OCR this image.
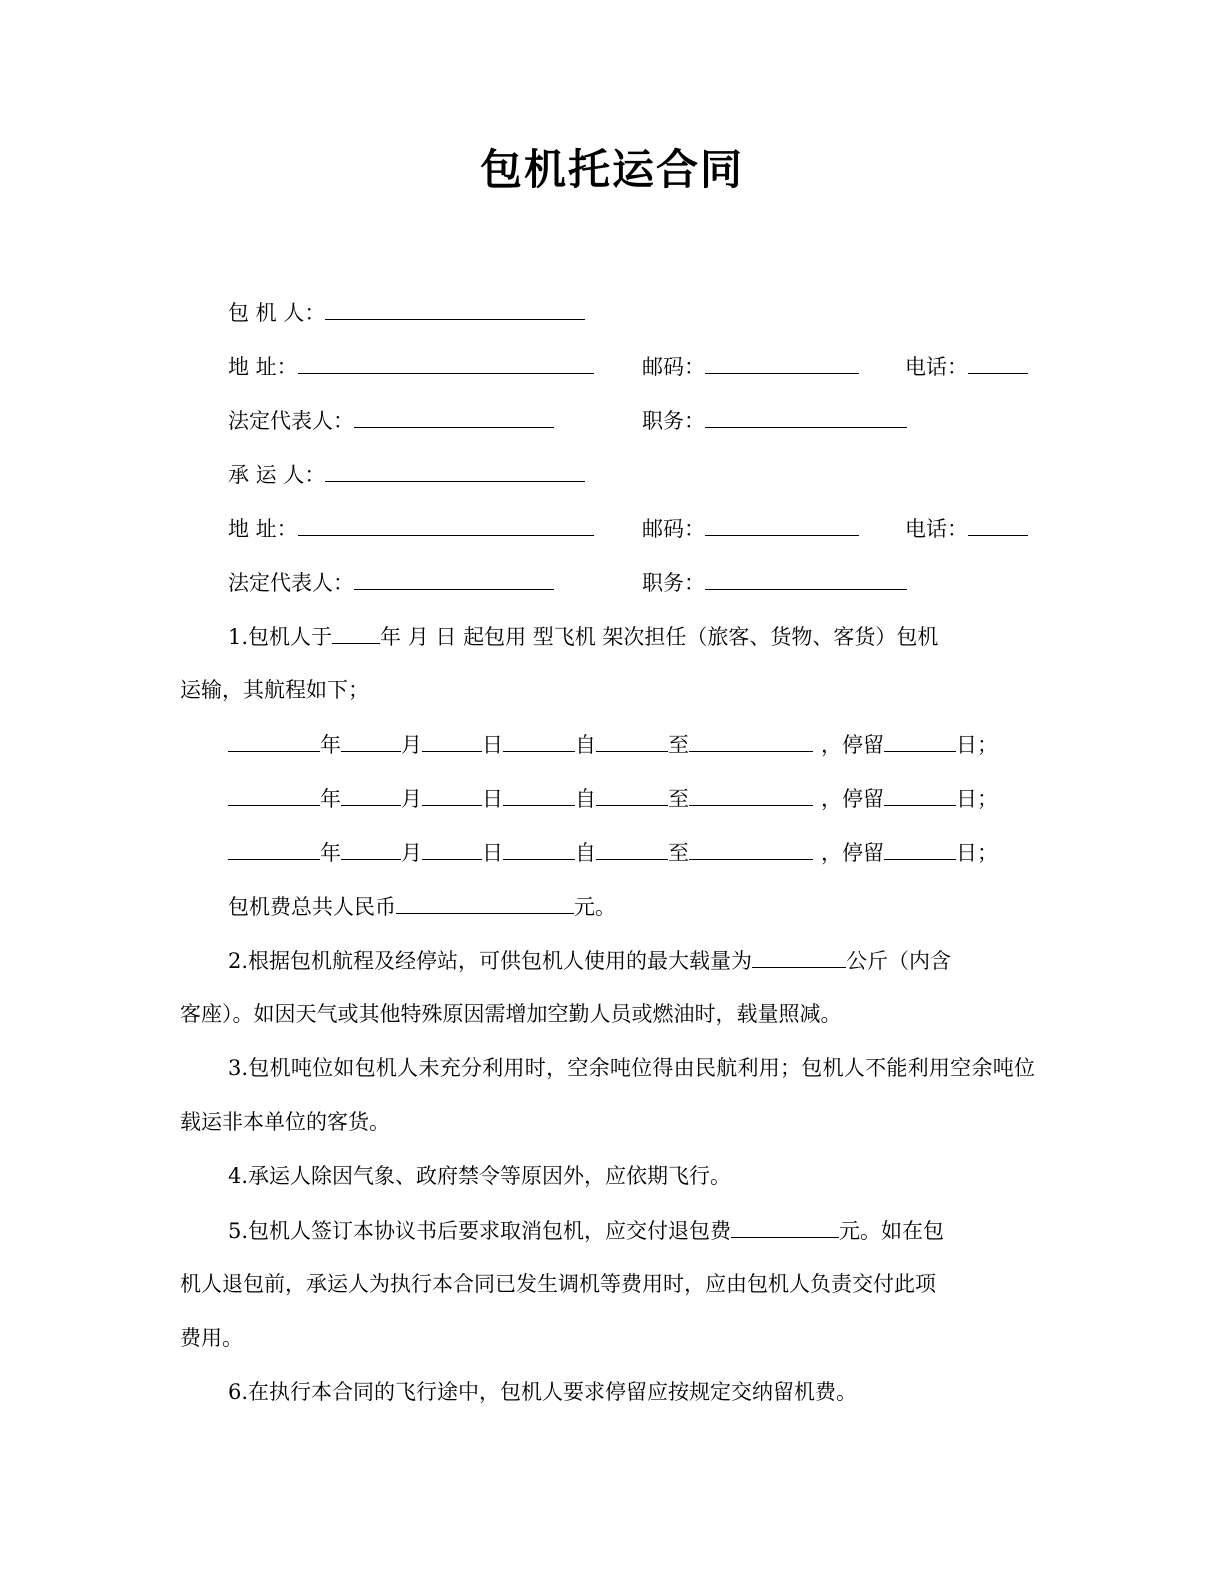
包机托运合同
包 机 人：
地 址：	邮码：	电话：
法定代表人：	职务：
承 运 人：
地 址：	邮码：	电话：
法定代表人：	职务：
1.包机人于 年 月 日 起包用 型飞机 架次担任（旅客、货物、客货）包机
运输，其航程如下；
年	月	日	自	至	，停留	日；
年	月	日	自	至	，停留	日；
年	月	日	自	至	，停留	日；
包机费总共人民币	元。
2.根据包机航程及经停站，可供包机人使用的最大载量为	公斤（内含
客座）。如因天气或其他特殊原因需增加空勤人员或燃油时，载量照减。
3.包机吨位如包机人未充分利用时，空余吨位得由民航利用；包机人不能利用空余吨位载运非本单位的客货。
4.承运人除因气象、政府禁令等原因外，应依期飞行。
5.包机人签订本协议书后要求取消包机，应交付退包费	元。如在包
机人退包前，承运人为执行本合同已发生调机等费用时，应由包机人负责交付此项
费用。
6.在执行本合同的飞行途中，包机人要求停留应按规定交纳留机费。
